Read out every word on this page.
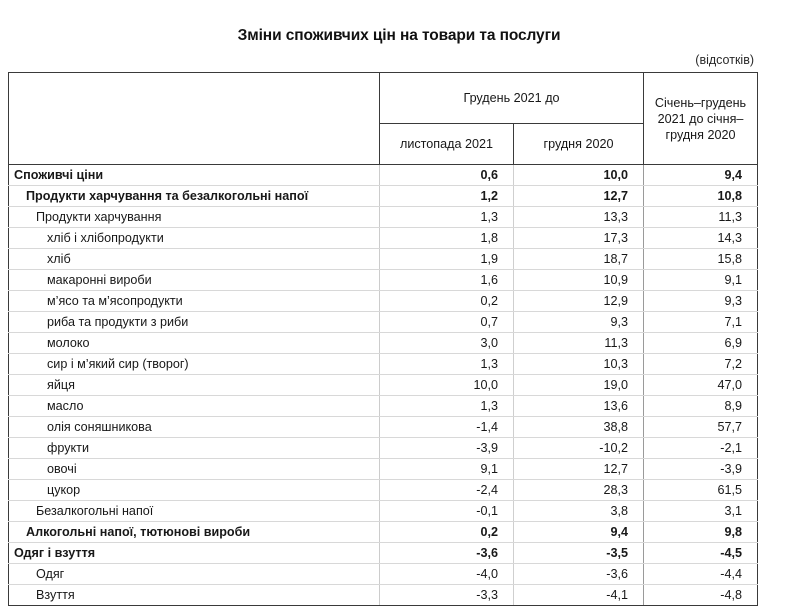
Зміни споживчих цін на товари та послуги
(відсотків)
	Грудень 2021 до		Січень–грудень 2021 до січня–грудня 2020
	листопада 2021	грудня 2020	
Споживчі ціни	0,6	10,0	9,4
Продукти харчування та безалкогольні напої	1,2	12,7	10,8
Продукти харчування	1,3	13,3	11,3
хліб і хлібопродукти	1,8	17,3	14,3
хліб	1,9	18,7	15,8
макаронні вироби	1,6	10,9	9,1
м’ясо та м’ясопродукти	0,2	12,9	9,3
риба та продукти з риби	0,7	9,3	7,1
молоко	3,0	11,3	6,9
сир і м’який сир (творог)	1,3	10,3	7,2
яйця	10,0	19,0	47,0
масло	1,3	13,6	8,9
олія соняшникова	-1,4	38,8	57,7
фрукти	-3,9	-10,2	-2,1
овочі	9,1	12,7	-3,9
цукор	-2,4	28,3	61,5
Безалкогольні напої	-0,1	3,8	3,1
Алкогольні напої, тютюнові вироби	0,2	9,4	9,8
Одяг і взуття	-3,6	-3,5	-4,5
Одяг	-4,0	-3,6	-4,4
Взуття	-3,3	-4,1	-4,8
